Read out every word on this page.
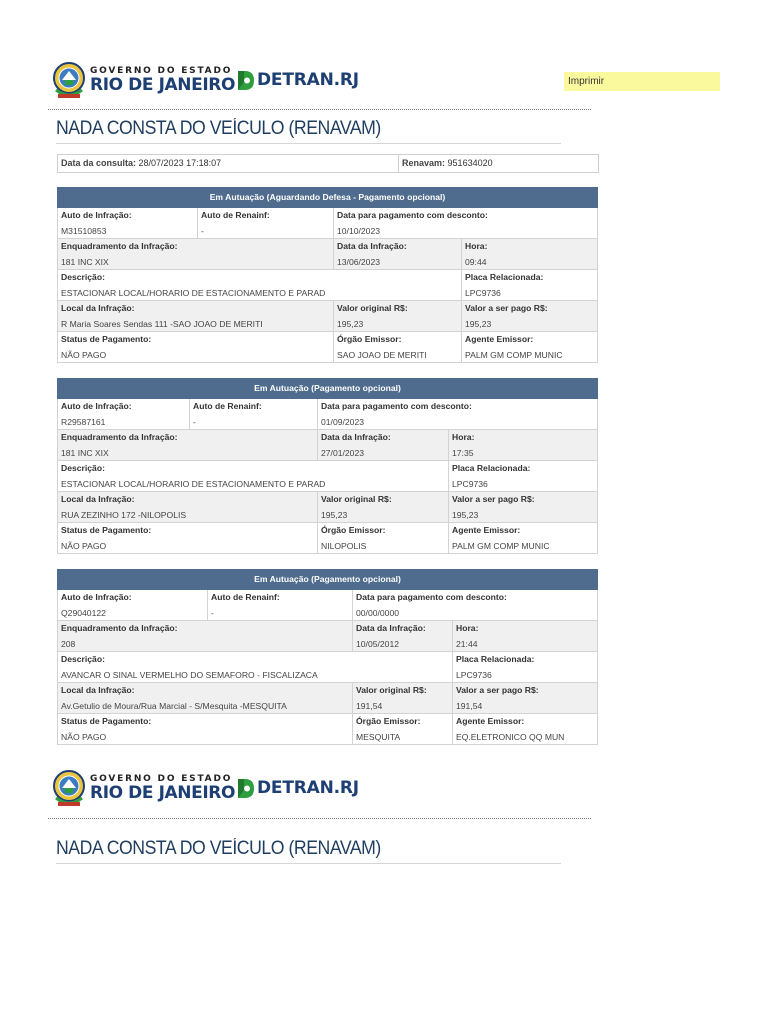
GOVERNO DO ESTADO
RIO DE JANEIRO DETRAN.RJ	Imprimir
NADA CONSTA DO VEÍCULO (RENAVAM)
Data da consulta: 28/07/2023 17:18:07	Renavam: 951634020
Em Autuação (Aguardando Defesa - Pagamento opcional)
Auto de Infração:
M31510853
Auto de Renainf:
-
Data para pagamento com desconto:
10/10/2023
Enquadramento da Infração:
181 INC XIX
Data da Infração:
13/06/2023
Hora:
09:44
Descrição:
ESTACIONAR LOCAL/HORARIO DE ESTACIONAMENTO E PARAD
Placa Relacionada:
LPC9736
Local da Infração:
R Maria Soares Sendas 111 -SAO JOAO DE MERITI
Valor original R$:
195,23
Valor a ser pago R$:
195,23
Status de Pagamento:
NÃO PAGO
Órgão Emissor:
SAO JOAO DE MERITI
Agente Emissor:
PALM GM COMP MUNIC
Em Autuação (Pagamento opcional)
Auto de Infração:
R29587161
Auto de Renainf:
-
Data para pagamento com desconto:
01/09/2023
Enquadramento da Infração:
181 INC XIX
Data da Infração:
27/01/2023
Hora:
17:35
Descrição:
ESTACIONAR LOCAL/HORARIO DE ESTACIONAMENTO E PARAD
Placa Relacionada:
LPC9736
Local da Infração:
RUA ZEZINHO 172 -NILOPOLIS
Valor original R$:
195,23
Valor a ser pago R$:
195,23
Status de Pagamento:
NÃO PAGO
Órgão Emissor:
NILOPOLIS
Agente Emissor:
PALM GM COMP MUNIC
Em Autuação (Pagamento opcional)
Auto de Infração:
Q29040122
Auto de Renainf:
-
Data para pagamento com desconto:
00/00/0000
Enquadramento da Infração:
208
Data da Infração:
10/05/2012
Hora:
21:44
Descrição:
AVANCAR O SINAL VERMELHO DO SEMAFORO - FISCALIZACA
Placa Relacionada:
LPC9736
Local da Infração:
Av.Getulio de Moura/Rua Marcial - S/Mesquita -MESQUITA
Valor original R$:
191,54
Valor a ser pago R$:
191,54
Status de Pagamento:
NÃO PAGO
Órgão Emissor:
MESQUITA
Agente Emissor:
EQ.ELETRONICO QQ MUN
GOVERNO DO ESTADO
RIO DE JANEIRO DETRAN.RJ
NADA CONSTA DO VEÍCULO (RENAVAM)
